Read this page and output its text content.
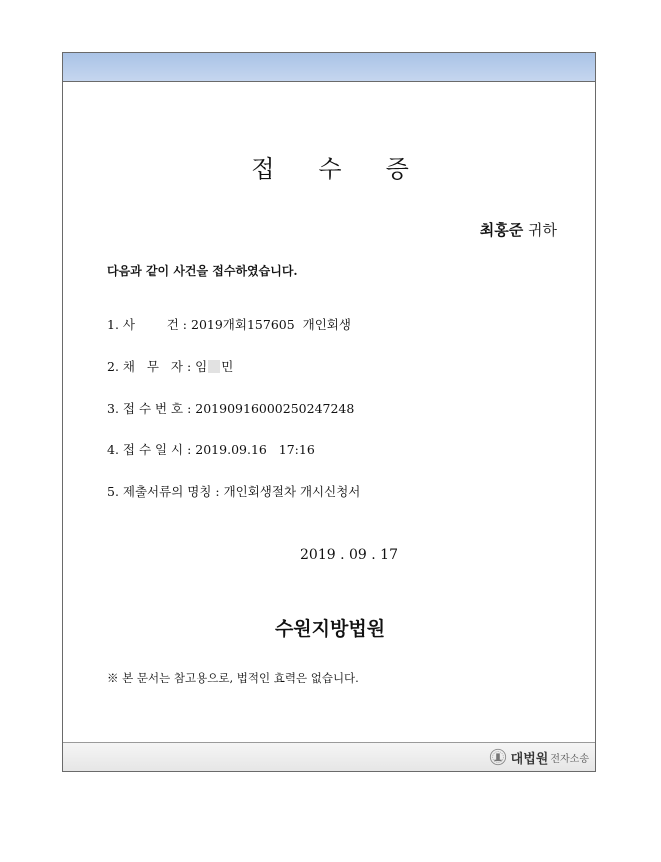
접 수 증
최홍준 귀하
다음과 같이 사건을 접수하였습니다.
1. 사        건 : 2019개회157605  개인회생
2. 채   무   자 : 임 민
3. 접 수 번 호 : 20190916000250247248
4. 접 수 일 시 : 2019.09.16   17:16
5. 제출서류의 명칭 : 개인회생절차 개시신청서
2019 . 09 . 17
수원지방법원
※ 본 문서는 참고용으로, 법적인 효력은 없습니다.
대법원 전자소송
